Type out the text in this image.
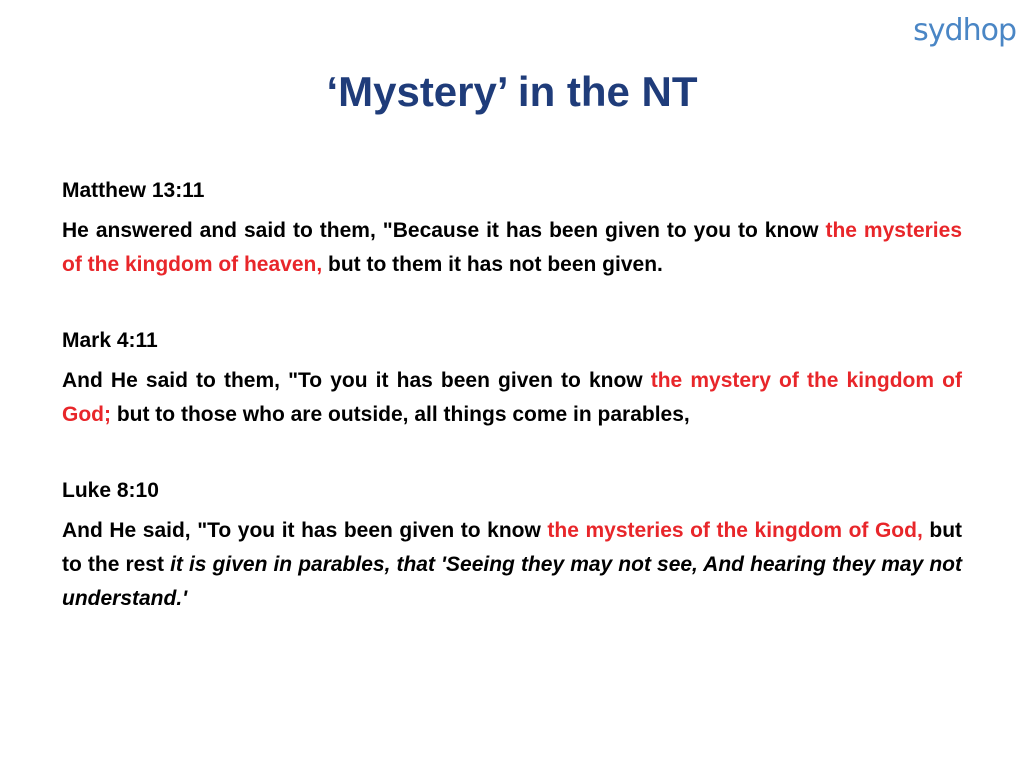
sydhop
‘Mystery’ in the NT

Matthew 13:11

He answered and said to them, "Because it has been given to you to know the mysteries of the kingdom of heaven, but to them it has not been given.

Mark 4:11

And He said to them, "To you it has been given to know the mystery of the kingdom of God; but to those who are outside, all things come in parables,

Luke 8:10

And He said, "To you it has been given to know the mysteries of the kingdom of God, but to the rest it is given in parables, that 'Seeing they may not see, And hearing they may not understand.'
